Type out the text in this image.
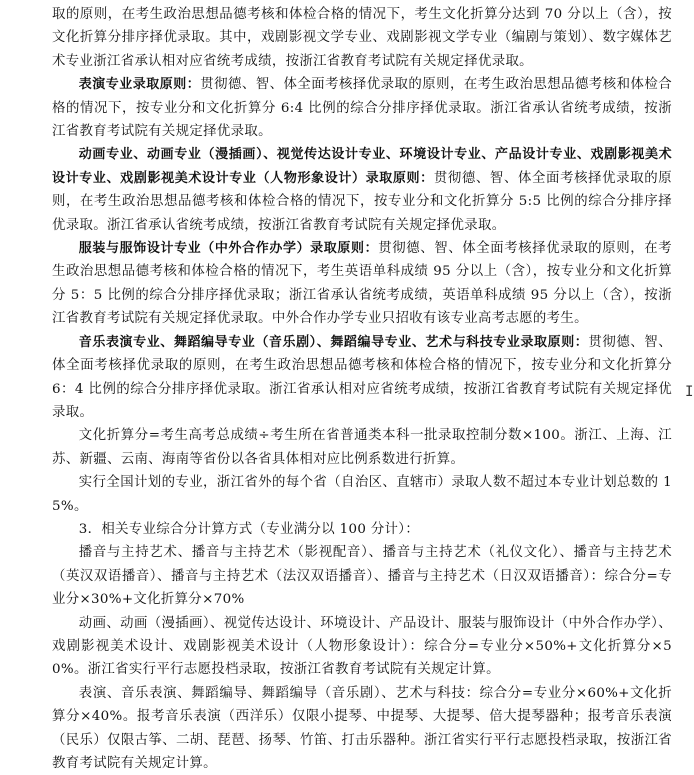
取的原则，在考生政治思想品德考核和体检合格的情况下，考生文化折算分达到 70 分以上（含），按文化折算分排序择优录取。其中，戏剧影视文学专业、戏剧影视文学专业（编剧与策划）、数字媒体艺术专业浙江省承认相对应省统考成绩，按浙江省教育考试院有关规定择优录取。

表演专业录取原则：贯彻德、智、体全面考核择优录取的原则，在考生政治思想品德考核和体检合格的情况下，按专业分和文化折算分 6:4 比例的综合分排序择优录取。浙江省承认省统考成绩，按浙江省教育考试院有关规定择优录取。

动画专业、动画专业（漫插画）、视觉传达设计专业、环境设计专业、产品设计专业、戏剧影视美术设计专业、戏剧影视美术设计专业（人物形象设计）录取原则：贯彻德、智、体全面考核择优录取的原则，在考生政治思想品德考核和体检合格的情况下，按专业分和文化折算分 5:5 比例的综合分排序择优录取。浙江省承认省统考成绩，按浙江省教育考试院有关规定择优录取。

服装与服饰设计专业（中外合作办学）录取原则：贯彻德、智、体全面考核择优录取的原则，在考生政治思想品德考核和体检合格的情况下，考生英语单科成绩 95 分以上（含），按专业分和文化折算分 5：5 比例的综合分排序择优录取；浙江省承认省统考成绩，英语单科成绩 95 分以上（含），按浙江省教育考试院有关规定择优录取。中外合作办学专业只招收有该专业高考志愿的考生。

音乐表演专业、舞蹈编导专业（音乐剧）、舞蹈编导专业、艺术与科技专业录取原则：贯彻德、智、体全面考核择优录取的原则，在考生政治思想品德考核和体检合格的情况下，按专业分和文化折算分 6：4 比例的综合分排序择优录取。浙江省承认相对应省统考成绩，按浙江省教育考试院有关规定择优录取。

文化折算分=考生高考总成绩÷考生所在省普通类本科一批录取控制分数×100。浙江、上海、江苏、新疆、云南、海南等省份以各省具体相对应比例系数进行折算。

实行全国计划的专业，浙江省外的每个省（自治区、直辖市）录取人数不超过本专业计划总数的 15%。

3．相关专业综合分计算方式（专业满分以 100 分计）：

播音与主持艺术、播音与主持艺术（影视配音）、播音与主持艺术（礼仪文化）、播音与主持艺术（英汉双语播音）、播音与主持艺术（法汉双语播音）、播音与主持艺术（日汉双语播音）：综合分=专业分×30%+文化折算分×70%

动画、动画（漫插画）、视觉传达设计、环境设计、产品设计、服装与服饰设计（中外合作办学）、戏剧影视美术设计、戏剧影视美术设计（人物形象设计）：综合分=专业分×50%+文化折算分×50%。浙江省实行平行志愿投档录取，按浙江省教育考试院有关规定计算。

表演、音乐表演、舞蹈编导、舞蹈编导（音乐剧）、艺术与科技：综合分=专业分×60%+文化折算分×40%。报考音乐表演（西洋乐）仅限小提琴、中提琴、大提琴、倍大提琴器种；报考音乐表演（民乐）仅限古筝、二胡、琵琶、扬琴、竹笛、打击乐器种。浙江省实行平行志愿投档录取，按浙江省教育考试院有关规定计算。

I
